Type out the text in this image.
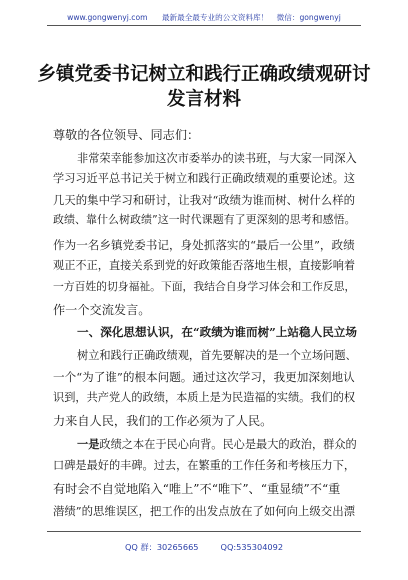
www.gongwenyj.com 最新最全最专业的公文资料库！ 微信：gongwenyj
乡镇党委书记树立和践行正确政绩观研讨
发言材料
尊敬的各位领导、同志们：
非常荣幸能参加这次市委举办的读书班，与大家一同深入
学习习近平总书记关于树立和践行正确政绩观的重要论述。这
几天的集中学习和研讨，让我对“政绩为谁而树、树什么样的
政绩、靠什么树政绩”这一时代课题有了更深刻的思考和感悟。
作为一名乡镇党委书记，身处抓落实的“最后一公里”，政绩
观正不正，直接关系到党的好政策能否落地生根，直接影响着
一方百姓的切身福祉。下面，我结合自身学习体会和工作反思，
作一个交流发言。
一、深化思想认识，在“政绩为谁而树”上站稳人民立场
树立和践行正确政绩观，首先要解决的是一个立场问题、
一个“为了谁”的根本问题。通过这次学习，我更加深刻地认
识到，共产党人的政绩，本质上是为民造福的实绩。我们的权
力来自人民，我们的工作必须为了人民。
一是政绩之本在于民心向背。民心是最大的政治，群众的
口碑是最好的丰碑。过去，在繁重的工作任务和考核压力下，
有时会不自觉地陷入“唯上”不“唯下”、“重显绩”不“重
潜绩”的思维误区，把工作的出发点放在了如何向上级交出漂
QQ 群：30265665	QQ:535304092
